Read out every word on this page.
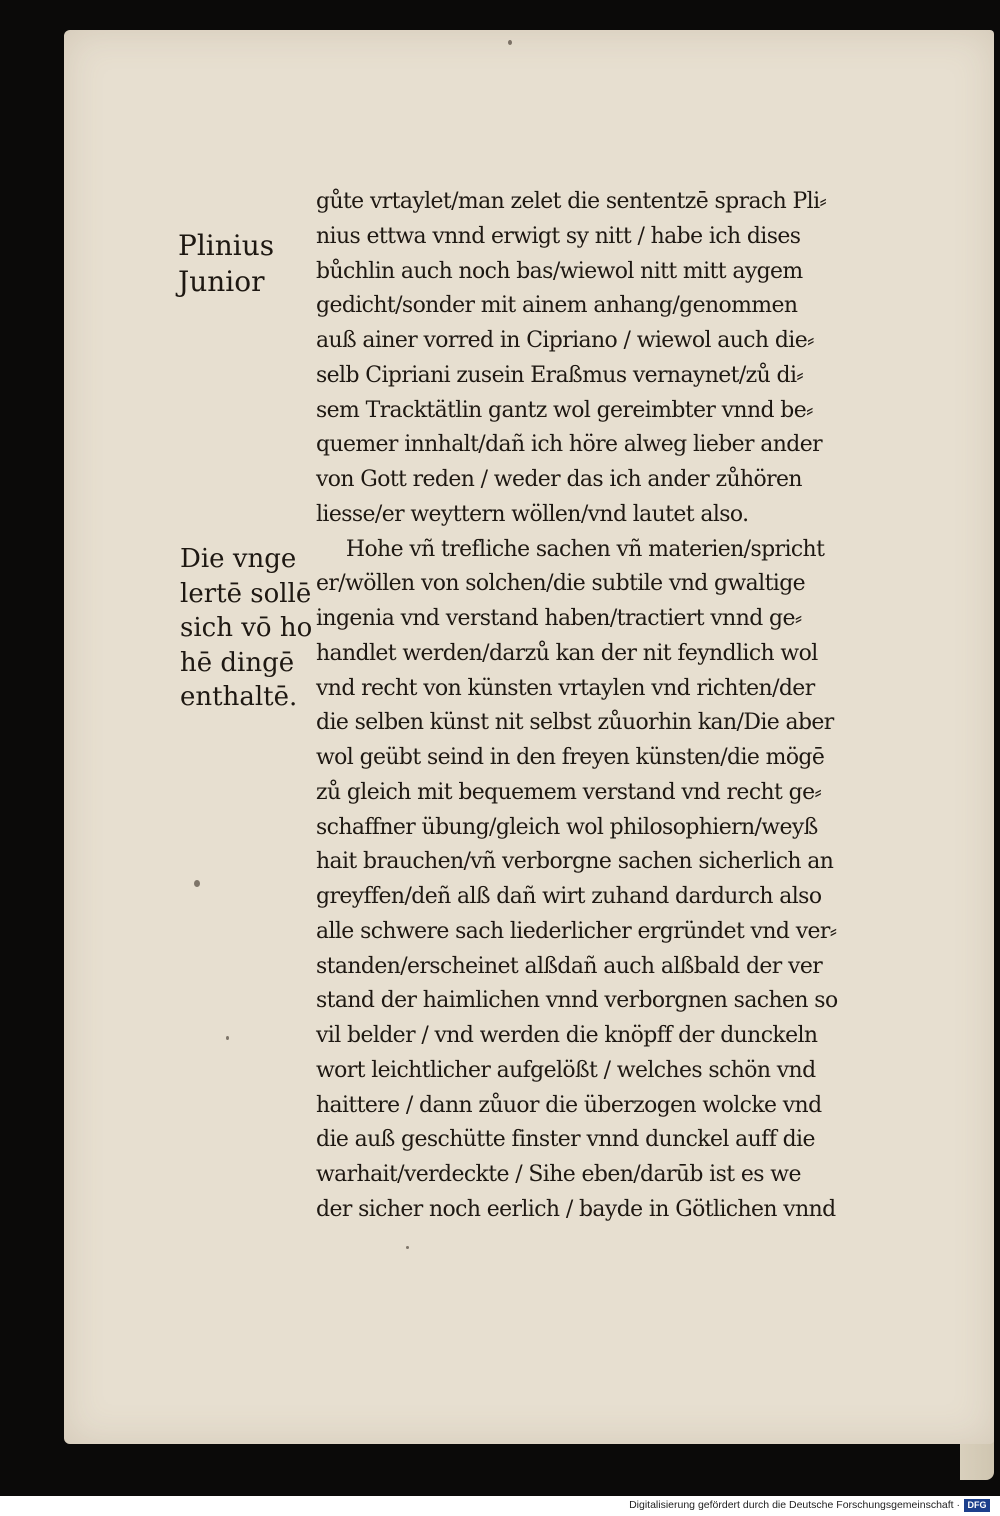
Plinius
Junior
Die vnge
lertē sollē
sich vō ho
hē dingē
enthaltē.
gůte vrtaylet/man zelet die sententzē sprach Pli⸗
nius ettwa vnnd erwigt sy nitt / habe ich dises
bůchlin auch noch bas/wiewol nitt mitt aygem
gedicht/sonder mit ainem anhang/genommen
auß ainer vorred in Cipriano / wiewol auch die⸗
selb Cipriani zusein Eraßmus vernaynet/zů di⸗
sem Tracktätlin gantz wol gereimbter vnnd be⸗
quemer innhalt/dañ ich höre alweg lieber ander
von Gott reden / weder das ich ander zůhören
liesse/er weyttern wöllen/vnd lautet also.
Hohe vñ trefliche sachen vñ materien/spricht
er/wöllen von solchen/die subtile vnd gwaltige
ingenia vnd verstand haben/tractiert vnnd ge⸗
handlet werden/darzů kan der nit feyndlich wol
vnd recht von künsten vrtaylen vnd richten/der
die selben künst nit selbst zůuorhin kan/Die aber
wol geübt seind in den freyen künsten/die mögē
zů gleich mit bequemem verstand vnd recht ge⸗
schaffner übung/gleich wol philosophiern/weyß
hait brauchen/vñ verborgne sachen sicherlich an
greyffen/deñ alß dañ wirt zuhand dardurch also
alle schwere sach liederlicher ergründet vnd ver⸗
standen/erscheinet alßdañ auch alßbald der ver
stand der haimlichen vnnd verborgnen sachen so
vil belder / vnd werden die knöpff der dunckeln
wort leichtlicher aufgelößt / welches schön vnd
haittere / dann zůuor die überzogen wolcke vnd
die auß geschütte finster vnnd dunckel auff die
warhait/verdeckte / Sihe eben/darūb ist es we
der sicher noch eerlich / bayde in Götlichen vnnd
Digitalisierung gefördert durch die Deutsche Forschungsgemeinschaft · DFG
